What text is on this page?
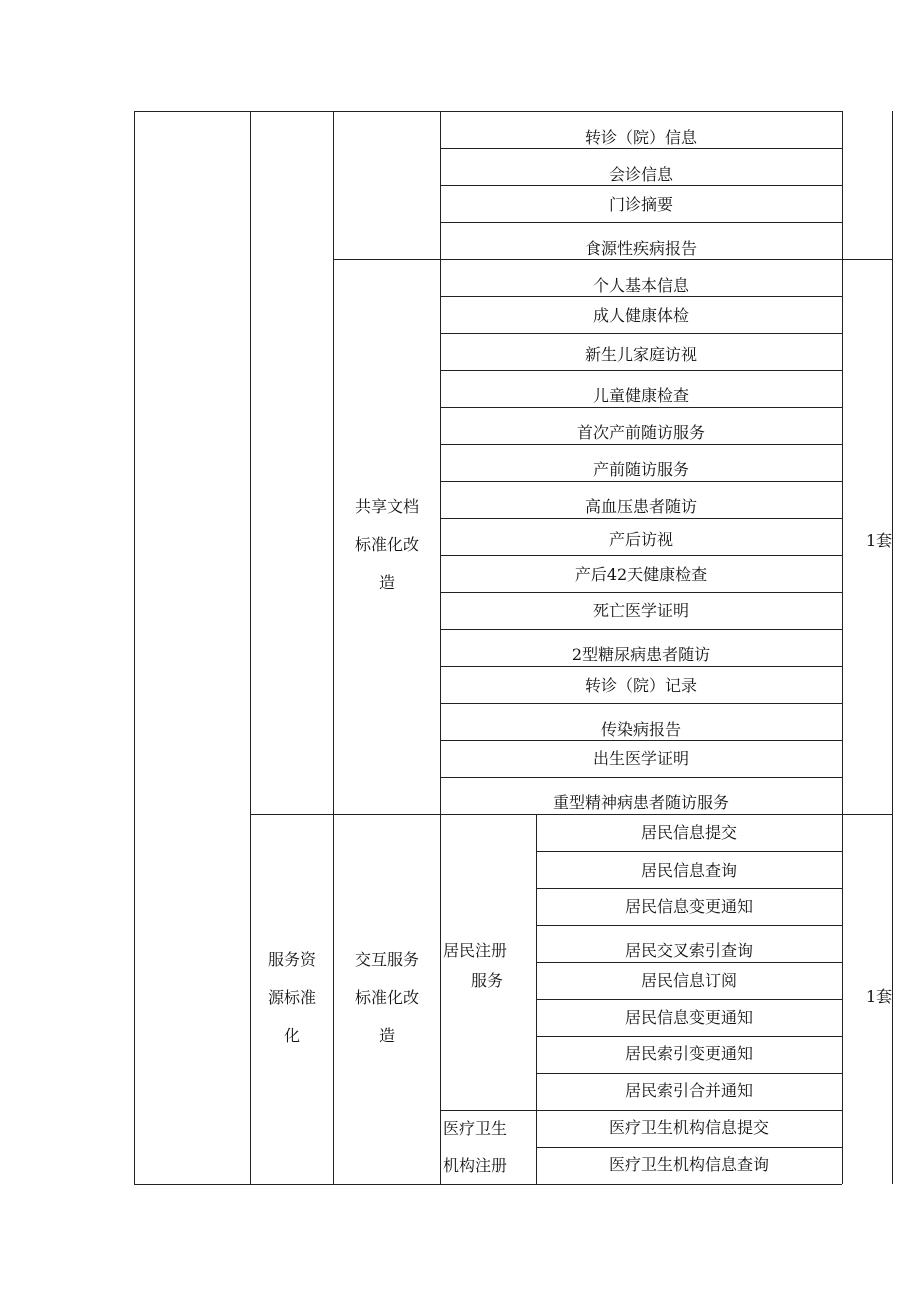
转诊（院）信息
会诊信息
门诊摘要
食源性疾病报告
共享文档
标准化改
造
1套
个人基本信息
成人健康体检
新生儿家庭访视
儿童健康检查
首次产前随访服务
产前随访服务
高血压患者随访
产后访视
产后42天健康检查
死亡医学证明
2型糖尿病患者随访
转诊（院）记录
传染病报告
出生医学证明
重型精神病患者随访服务
服务资
源标准
化
交互服务
标准化改
造
1套
居民注册
服务
居民信息提交
居民信息查询
居民信息变更通知
居民交叉索引查询
居民信息订阅
居民信息变更通知
居民索引变更通知
居民索引合并通知
医疗卫生
机构注册
医疗卫生机构信息提交
医疗卫生机构信息查询
